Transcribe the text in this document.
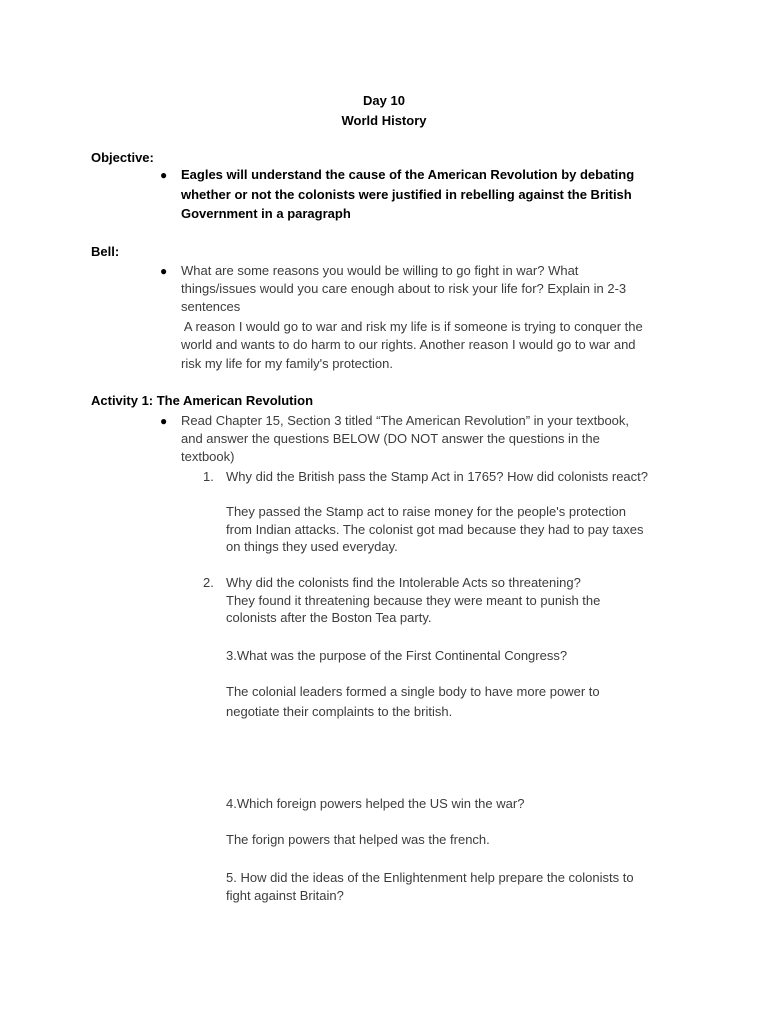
Day 10
World History
Objective:
● Eagles will understand the cause of the American Revolution by debating
whether or not the colonists were justified in rebelling against the British
Government in a paragraph
Bell:
● What are some reasons you would be willing to go fight in war? What
things/issues would you care enough about to risk your life for? Explain in 2-3
sentences
A reason I would go to war and risk my life is if someone is trying to conquer the
world and wants to do harm to our rights. Another reason I would go to war and
risk my life for my family's protection.
Activity 1: The American Revolution
● Read Chapter 15, Section 3 titled “The American Revolution” in your textbook,
and answer the questions BELOW (DO NOT answer the questions in the
textbook)
1. Why did the British pass the Stamp Act in 1765? How did colonists react?
They passed the Stamp act to raise money for the people's protection
from Indian attacks. The colonist got mad because they had to pay taxes
on things they used everyday.
2. Why did the colonists find the Intolerable Acts so threatening?
They found it threatening because they were meant to punish the
colonists after the Boston Tea party.
3.What was the purpose of the First Continental Congress?
The colonial leaders formed a single body to have more power to
negotiate their complaints to the british.
4.Which foreign powers helped the US win the war?
The forign powers that helped was the french.
5. How did the ideas of the Enlightenment help prepare the colonists to
fight against Britain?
